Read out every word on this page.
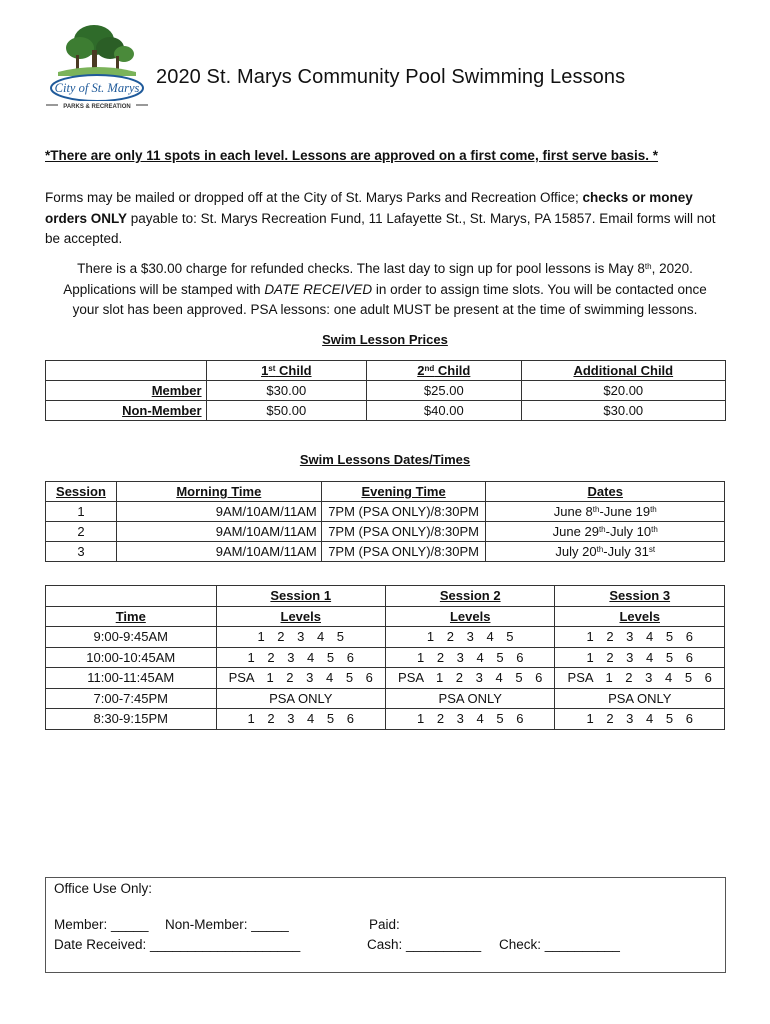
City of St. Marys
PARKS & RECREATION
2020 St. Marys Community Pool Swimming Lessons
*There are only 11 spots in each level. Lessons are approved on a first come, first serve basis. *
Forms may be mailed or dropped off at the City of St. Marys Parks and Recreation Office; checks or money orders ONLY payable to: St. Marys Recreation Fund, 11 Lafayette St., St. Marys, PA 15857. Email forms will not be accepted.
There is a $30.00 charge for refunded checks. The last day to sign up for pool lessons is May 8th, 2020.
Applications will be stamped with DATE RECEIVED in order to assign time slots. You will be contacted once
your slot has been approved. PSA lessons: one adult MUST be present at the time of swimming lessons.
Swim Lesson Prices
	1st Child	2nd Child	Additional Child
Member	$30.00	$25.00	$20.00
Non-Member	$50.00	$40.00	$30.00
Swim Lessons Dates/Times
Session	Morning Time	Evening Time	Dates
1	9AM/10AM/11AM	7PM (PSA ONLY)/8:30PM	June 8th-June 19th
2	9AM/10AM/11AM	7PM (PSA ONLY)/8:30PM	June 29th-July 10th
3	9AM/10AM/11AM	7PM (PSA ONLY)/8:30PM	July 20th-July 31st
	Session 1	Session 2	Session 3
Time	Levels	Levels	Levels
9:00-9:45AM	1 2 3 4 5	1 2 3 4 5	1 2 3 4 5 6
10:00-10:45AM	1 2 3 4 5 6	1 2 3 4 5 6	1 2 3 4 5 6
11:00-11:45AM	PSA 1 2 3 4 5 6	PSA 1 2 3 4 5 6	PSA 1 2 3 4 5 6
7:00-7:45PM	PSA ONLY	PSA ONLY	PSA ONLY
8:30-9:15PM	1 2 3 4 5 6	1 2 3 4 5 6	1 2 3 4 5 6
Office Use Only:
Member: _____ Non-Member: _____
Date Received: ____________________
Paid:
Cash: __________ Check: __________
